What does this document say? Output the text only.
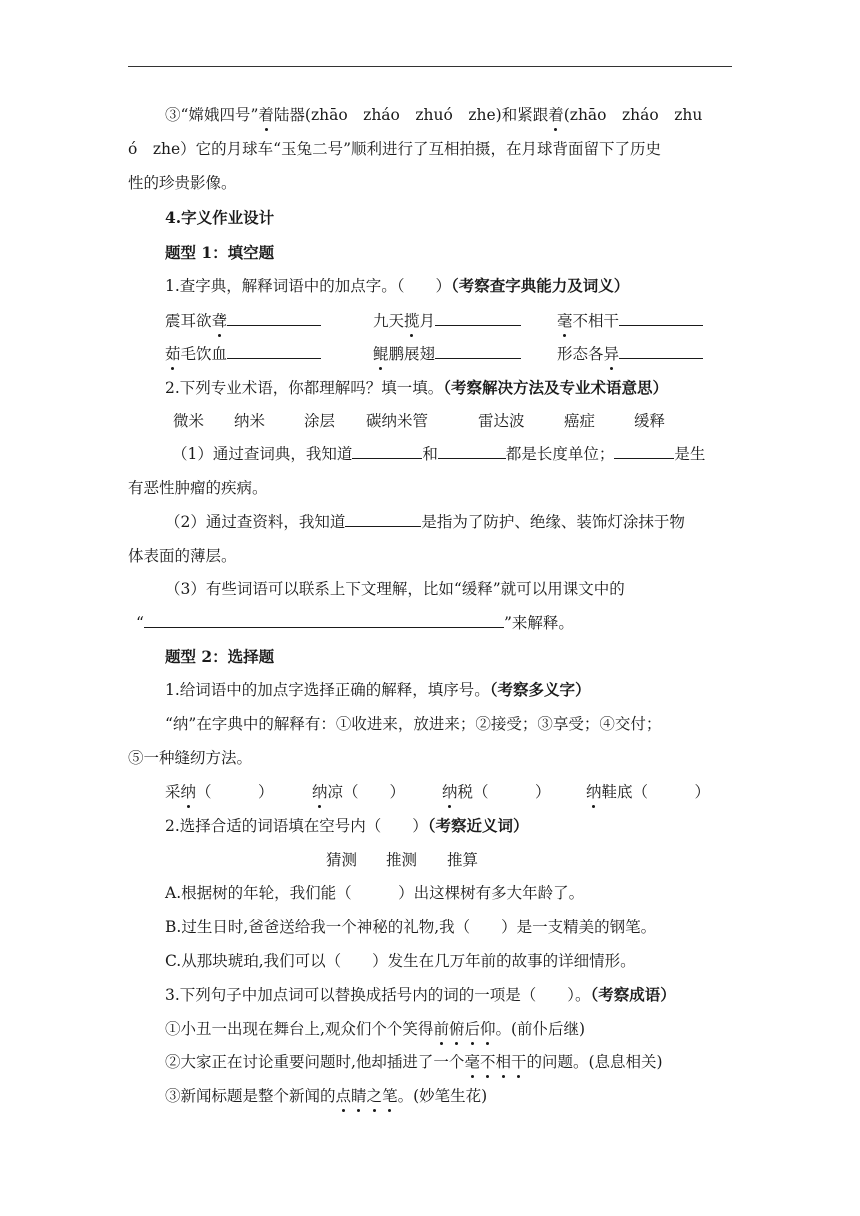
③“嫦娥四号”着陆器(zhāo　zháo　zhuó　zhe)和紧跟着(zhāo　zháo　zhu
ó　zhe）它的月球车“玉兔二号”顺利进行了互相拍摄，在月球背面留下了历史
性的珍贵影像。
4.字义作业设计
题型 1：填空题
1.查字典，解释词语中的加点字。（　　）（考察查字典能力及词义）
震耳欲聋	九天揽月	毫不相干
茹毛饮血	鲲鹏展翅	形态各异
2.下列专业术语，你都理解吗？填一填。（考察解决方法及专业术语意思）
微米 纳米	涂层 碳纳米管	雷达波	癌症	缓释
（1）通过查词典，我知道	和	都是长度单位；	是生
有恶性肿瘤的疾病。
（2）通过查资料，我知道	是指为了防护、绝缘、装饰灯涂抹于物
体表面的薄层。
（3）有些词语可以联系上下文理解，比如“缓释”就可以用课文中的
“	”来解释。
题型 2：选择题
1.给词语中的加点字选择正确的解释，填序号。（考察多义字）
“纳”在字典中的解释有：①收进来，放进来；②接受；③享受；④交付；
⑤一种缝纫方法。
采纳（　　　） 纳凉（　　） 纳税（　　　） 纳鞋底（　　　）
2.选择合适的词语填在空号内（　　）（考察近义词）
猜测 推测 推算
A.根据树的年轮，我们能（　　　）出这棵树有多大年龄了。
B.过生日时,爸爸送给我一个神秘的礼物,我（　　）是一支精美的钢笔。
C.从那块琥珀,我们可以（　　）发生在几万年前的故事的详细情形。
3.下列句子中加点词可以替换成括号内的词的一项是（　　）。（考察成语）
①小丑一出现在舞台上,观众们个个笑得前俯后仰。(前仆后继)
②大家正在讨论重要问题时,他却插进了一个毫不相干的问题。(息息相关)
③新闻标题是整个新闻的点睛之笔。(妙笔生花)
